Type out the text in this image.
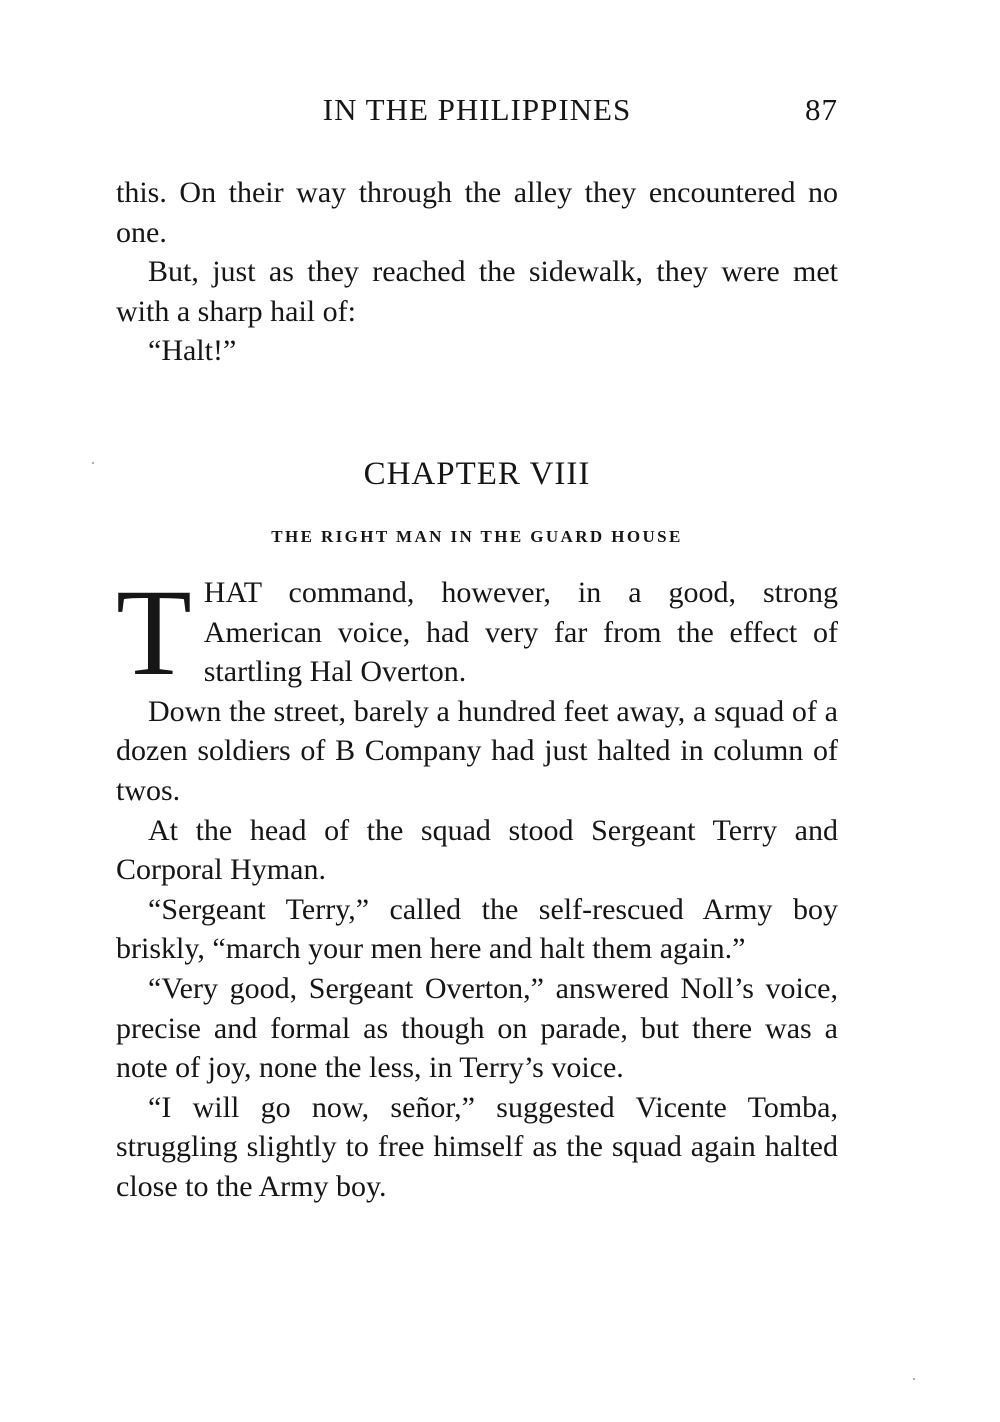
IN THE PHILIPPINES	87

this. On their way through the alley they encountered no one.

But, just as they reached the sidewalk, they were met with a sharp hail of:

“Halt!”

CHAPTER VIII
THE RIGHT MAN IN THE GUARD HOUSE

THAT command, however, in a good, strong American voice, had very far from the effect of startling Hal Overton.

Down the street, barely a hundred feet away, a squad of a dozen soldiers of B Company had just halted in column of twos.

At the head of the squad stood Sergeant Terry and Corporal Hyman.

“Sergeant Terry,” called the self-rescued Army boy briskly, “march your men here and halt them again.”

“Very good, Sergeant Overton,” answered Noll’s voice, precise and formal as though on parade, but there was a note of joy, none the less, in Terry’s voice.

“I will go now, señor,” suggested Vicente Tomba, struggling slightly to free himself as the squad again halted close to the Army boy.
